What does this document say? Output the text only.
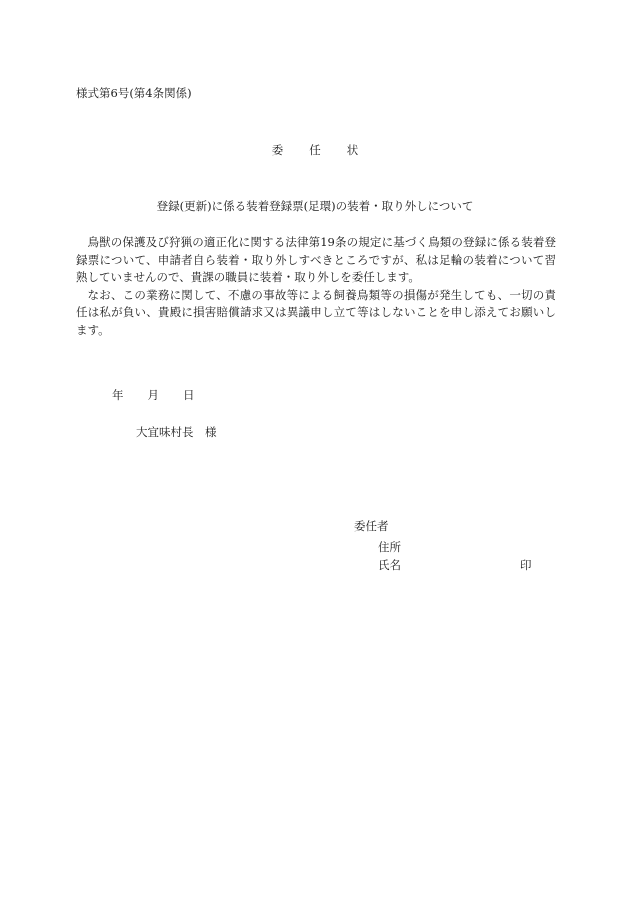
様式第6号(第4条関係)
委 任 状
登録(更新)に係る装着登録票(足環)の装着・取り外しについて

鳥獣の保護及び狩猟の適正化に関する法律第19条の規定に基づく鳥類の登録に係る装着登録票について、申請者自ら装着・取り外しすべきところですが、私は足輪の装着について習熟していませんので、貴課の職員に装着・取り外しを委任します。

なお、この業務に関して、不慮の事故等による飼養鳥類等の損傷が発生しても、一切の責任は私が負い、貴殿に損害賠償請求又は異議申し立て等はしないことを申し添えてお願いします。

年 月 日
大宜味村長　様
委任者
住所
氏名	印
